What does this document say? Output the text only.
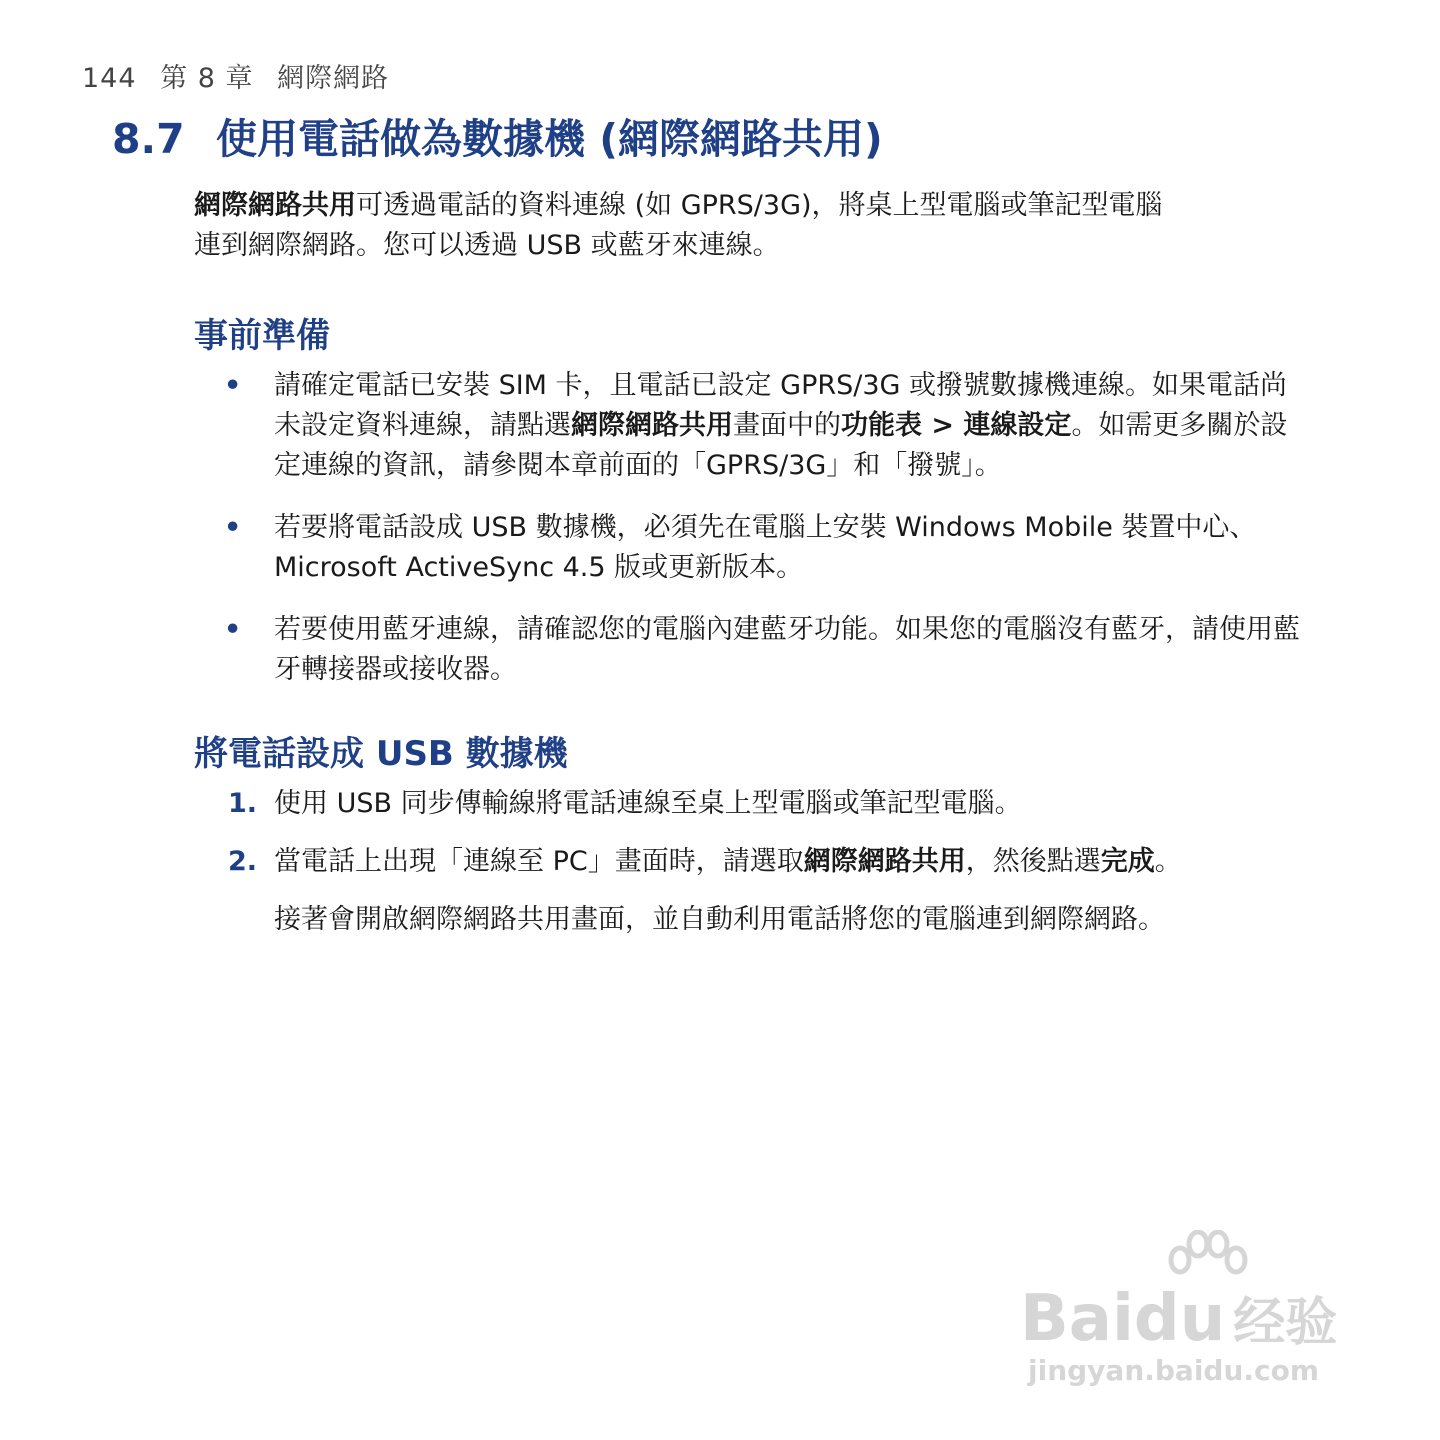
144 第 8 章 網際網路
8.7 使用電話做為數據機 (網際網路共用)

網際網路共用可透過電話的資料連線 (如 GPRS/3G)，將桌上型電腦或筆記型電腦
連到網際網路。您可以透過 USB 或藍牙來連線。

事前準備
• 請確定電話已安裝 SIM 卡，且電話已設定 GPRS/3G 或撥號數據機連線。如果電話尚未設定資料連線，請點選網際網路共用畫面中的功能表 > 連線設定。如需更多關於設定連線的資訊，請參閱本章前面的「GPRS/3G」和「撥號」。
• 若要將電話設成 USB 數據機，必須先在電腦上安裝 Windows Mobile 裝置中心、Microsoft ActiveSync 4.5 版或更新版本。
• 若要使用藍牙連線，請確認您的電腦內建藍牙功能。如果您的電腦沒有藍牙，請使用藍牙轉接器或接收器。
將電話設成 USB 數據機
1. 使用 USB 同步傳輸線將電話連線至桌上型電腦或筆記型電腦。
2. 當電話上出現「連線至 PC」畫面時，請選取網際網路共用，然後點選完成。
接著會開啟網際網路共用畫面，並自動利用電話將您的電腦連到網際網路。
Baidu 经验
jingyan.baidu.com
